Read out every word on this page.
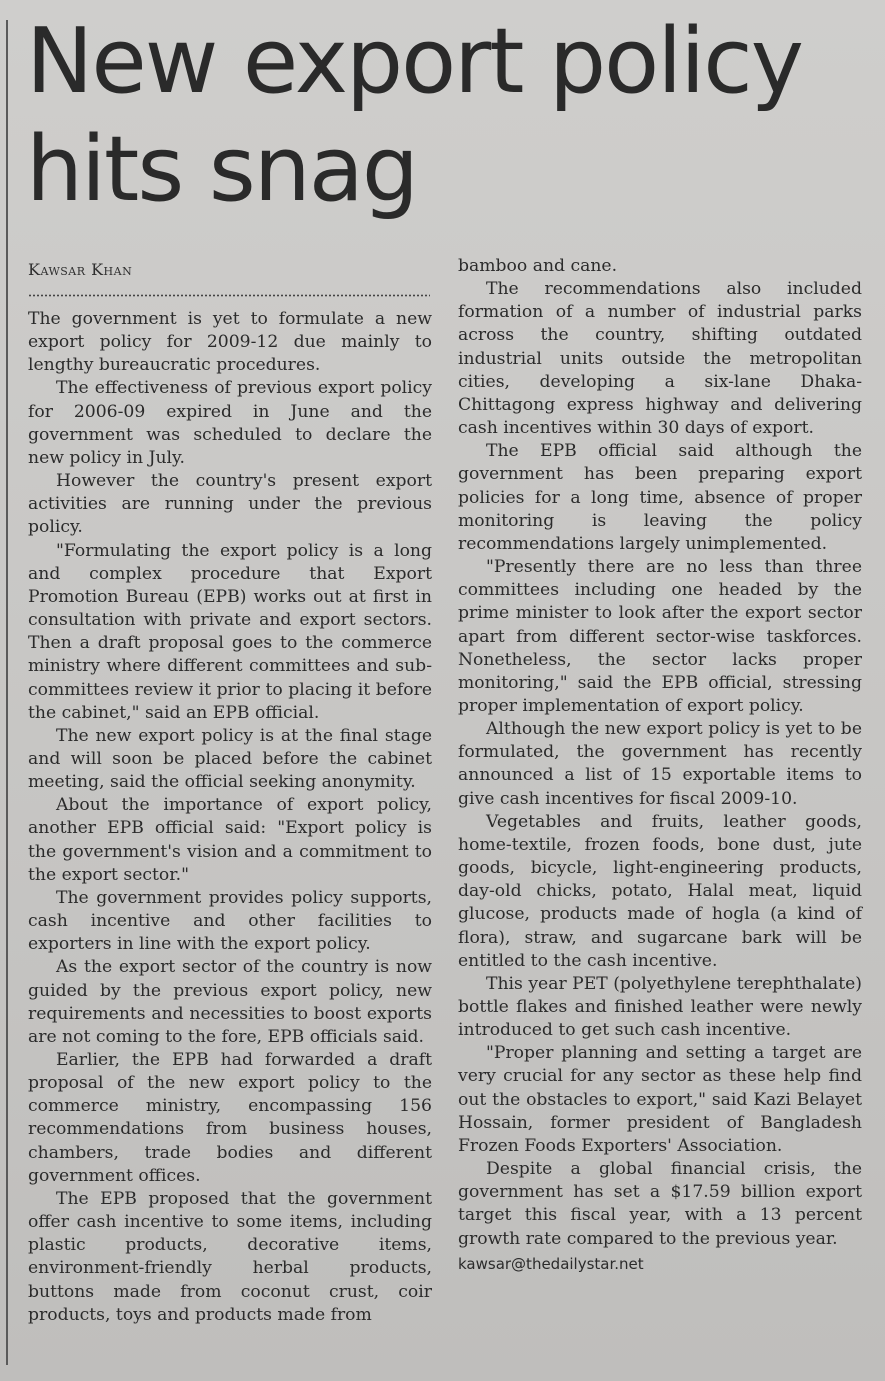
New export policy
hits snag
Kawsar Khan

The government is yet to formulate a new export policy for 2009-12 due mainly to lengthy bureaucratic procedures.

The effectiveness of previous export policy for 2006-09 expired in June and the government was scheduled to declare the new policy in July.

However the country's present export activities are running under the previous policy.

"Formulating the export policy is a long and complex procedure that Export Promotion Bureau (EPB) works out at first in consultation with private and export sectors. Then a draft proposal goes to the commerce ministry where different committees and sub-committees review it prior to placing it before the cabinet," said an EPB official.

The new export policy is at the final stage and will soon be placed before the cabinet meeting, said the official seeking anonymity.

About the importance of export policy, another EPB official said: "Export policy is the government's vision and a commitment to the export sector."

The government provides policy supports, cash incentive and other facilities to exporters in line with the export policy.

As the export sector of the country is now guided by the previous export policy, new requirements and necessities to boost exports are not coming to the fore, EPB officials said.

Earlier, the EPB had forwarded a draft proposal of the new export policy to the commerce ministry, encompassing 156 recommendations from business houses, chambers, trade bodies and different government offices.

The EPB proposed that the government offer cash incentive to some items, including plastic products, decorative items, environment-friendly herbal products, buttons made from coconut crust, coir products, toys and products made from

bamboo and cane.

The recommendations also included formation of a number of industrial parks across the country, shifting outdated industrial units outside the metropolitan cities, developing a six-lane Dhaka-Chittagong express highway and delivering cash incentives within 30 days of export.

The EPB official said although the government has been preparing export policies for a long time, absence of proper monitoring is leaving the policy recommendations largely unimplemented.

"Presently there are no less than three committees including one headed by the prime minister to look after the export sector apart from different sector-wise taskforces. Nonetheless, the sector lacks proper monitoring," said the EPB official, stressing proper implementation of export policy.

Although the new export policy is yet to be formulated, the government has recently announced a list of 15 exportable items to give cash incentives for fiscal 2009-10.

Vegetables and fruits, leather goods, home-textile, frozen foods, bone dust, jute goods, bicycle, light-engineering products, day-old chicks, potato, Halal meat, liquid glucose, products made of hogla (a kind of flora), straw, and sugarcane bark will be entitled to the cash incentive.

This year PET (polyethylene terephthalate) bottle flakes and finished leather were newly introduced to get such cash incentive.

"Proper planning and setting a target are very crucial for any sector as these help find out the obstacles to export," said Kazi Belayet Hossain, former president of Bangladesh Frozen Foods Exporters' Association.

Despite a global financial crisis, the government has set a $17.59 billion export target this fiscal year, with a 13 percent growth rate compared to the previous year.

kawsar@thedailystar.net
